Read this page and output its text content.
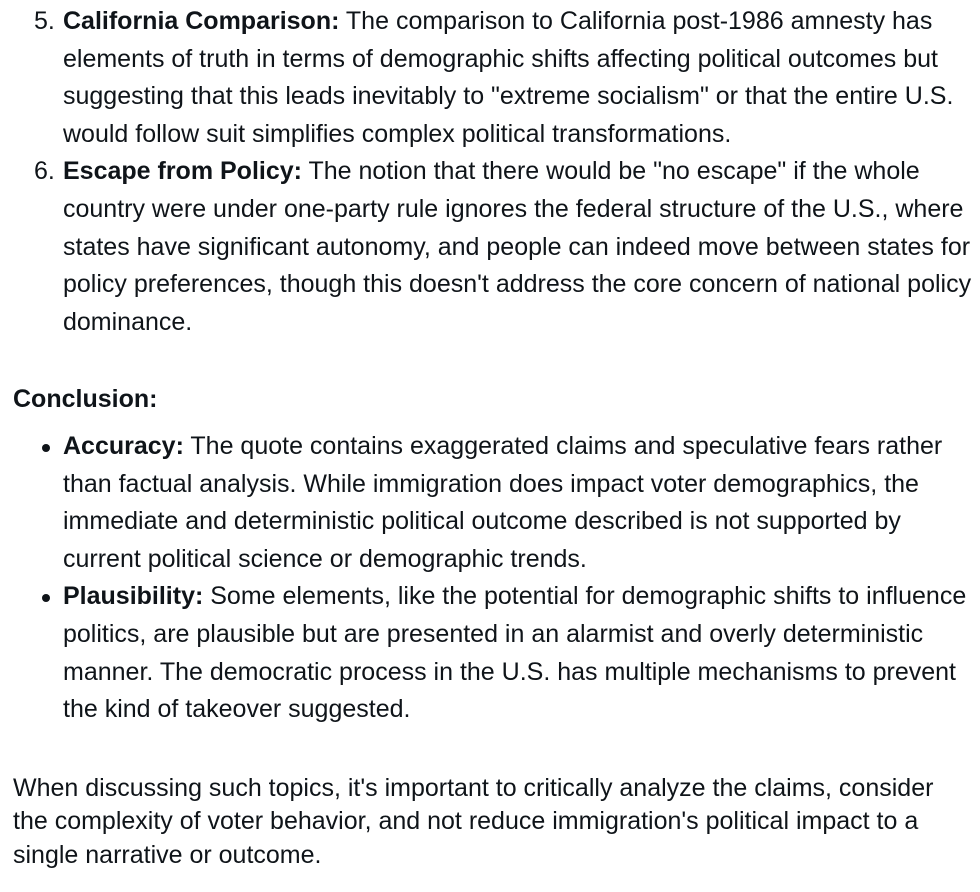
5. California Comparison: The comparison to California post-1986 amnesty has elements of truth in terms of demographic shifts affecting political outcomes but suggesting that this leads inevitably to "extreme socialism" or that the entire U.S. would follow suit simplifies complex political transformations.
6. Escape from Policy: The notion that there would be "no escape" if the whole country were under one-party rule ignores the federal structure of the U.S., where states have significant autonomy, and people can indeed move between states for policy preferences, though this doesn't address the core concern of national policy dominance.

Conclusion:

Accuracy: The quote contains exaggerated claims and speculative fears rather than factual analysis. While immigration does impact voter demographics, the immediate and deterministic political outcome described is not supported by current political science or demographic trends.
Plausibility: Some elements, like the potential for demographic shifts to influence politics, are plausible but are presented in an alarmist and overly deterministic manner. The democratic process in the U.S. has multiple mechanisms to prevent the kind of takeover suggested.

When discussing such topics, it's important to critically analyze the claims, consider the complexity of voter behavior, and not reduce immigration's political impact to a single narrative or outcome.
